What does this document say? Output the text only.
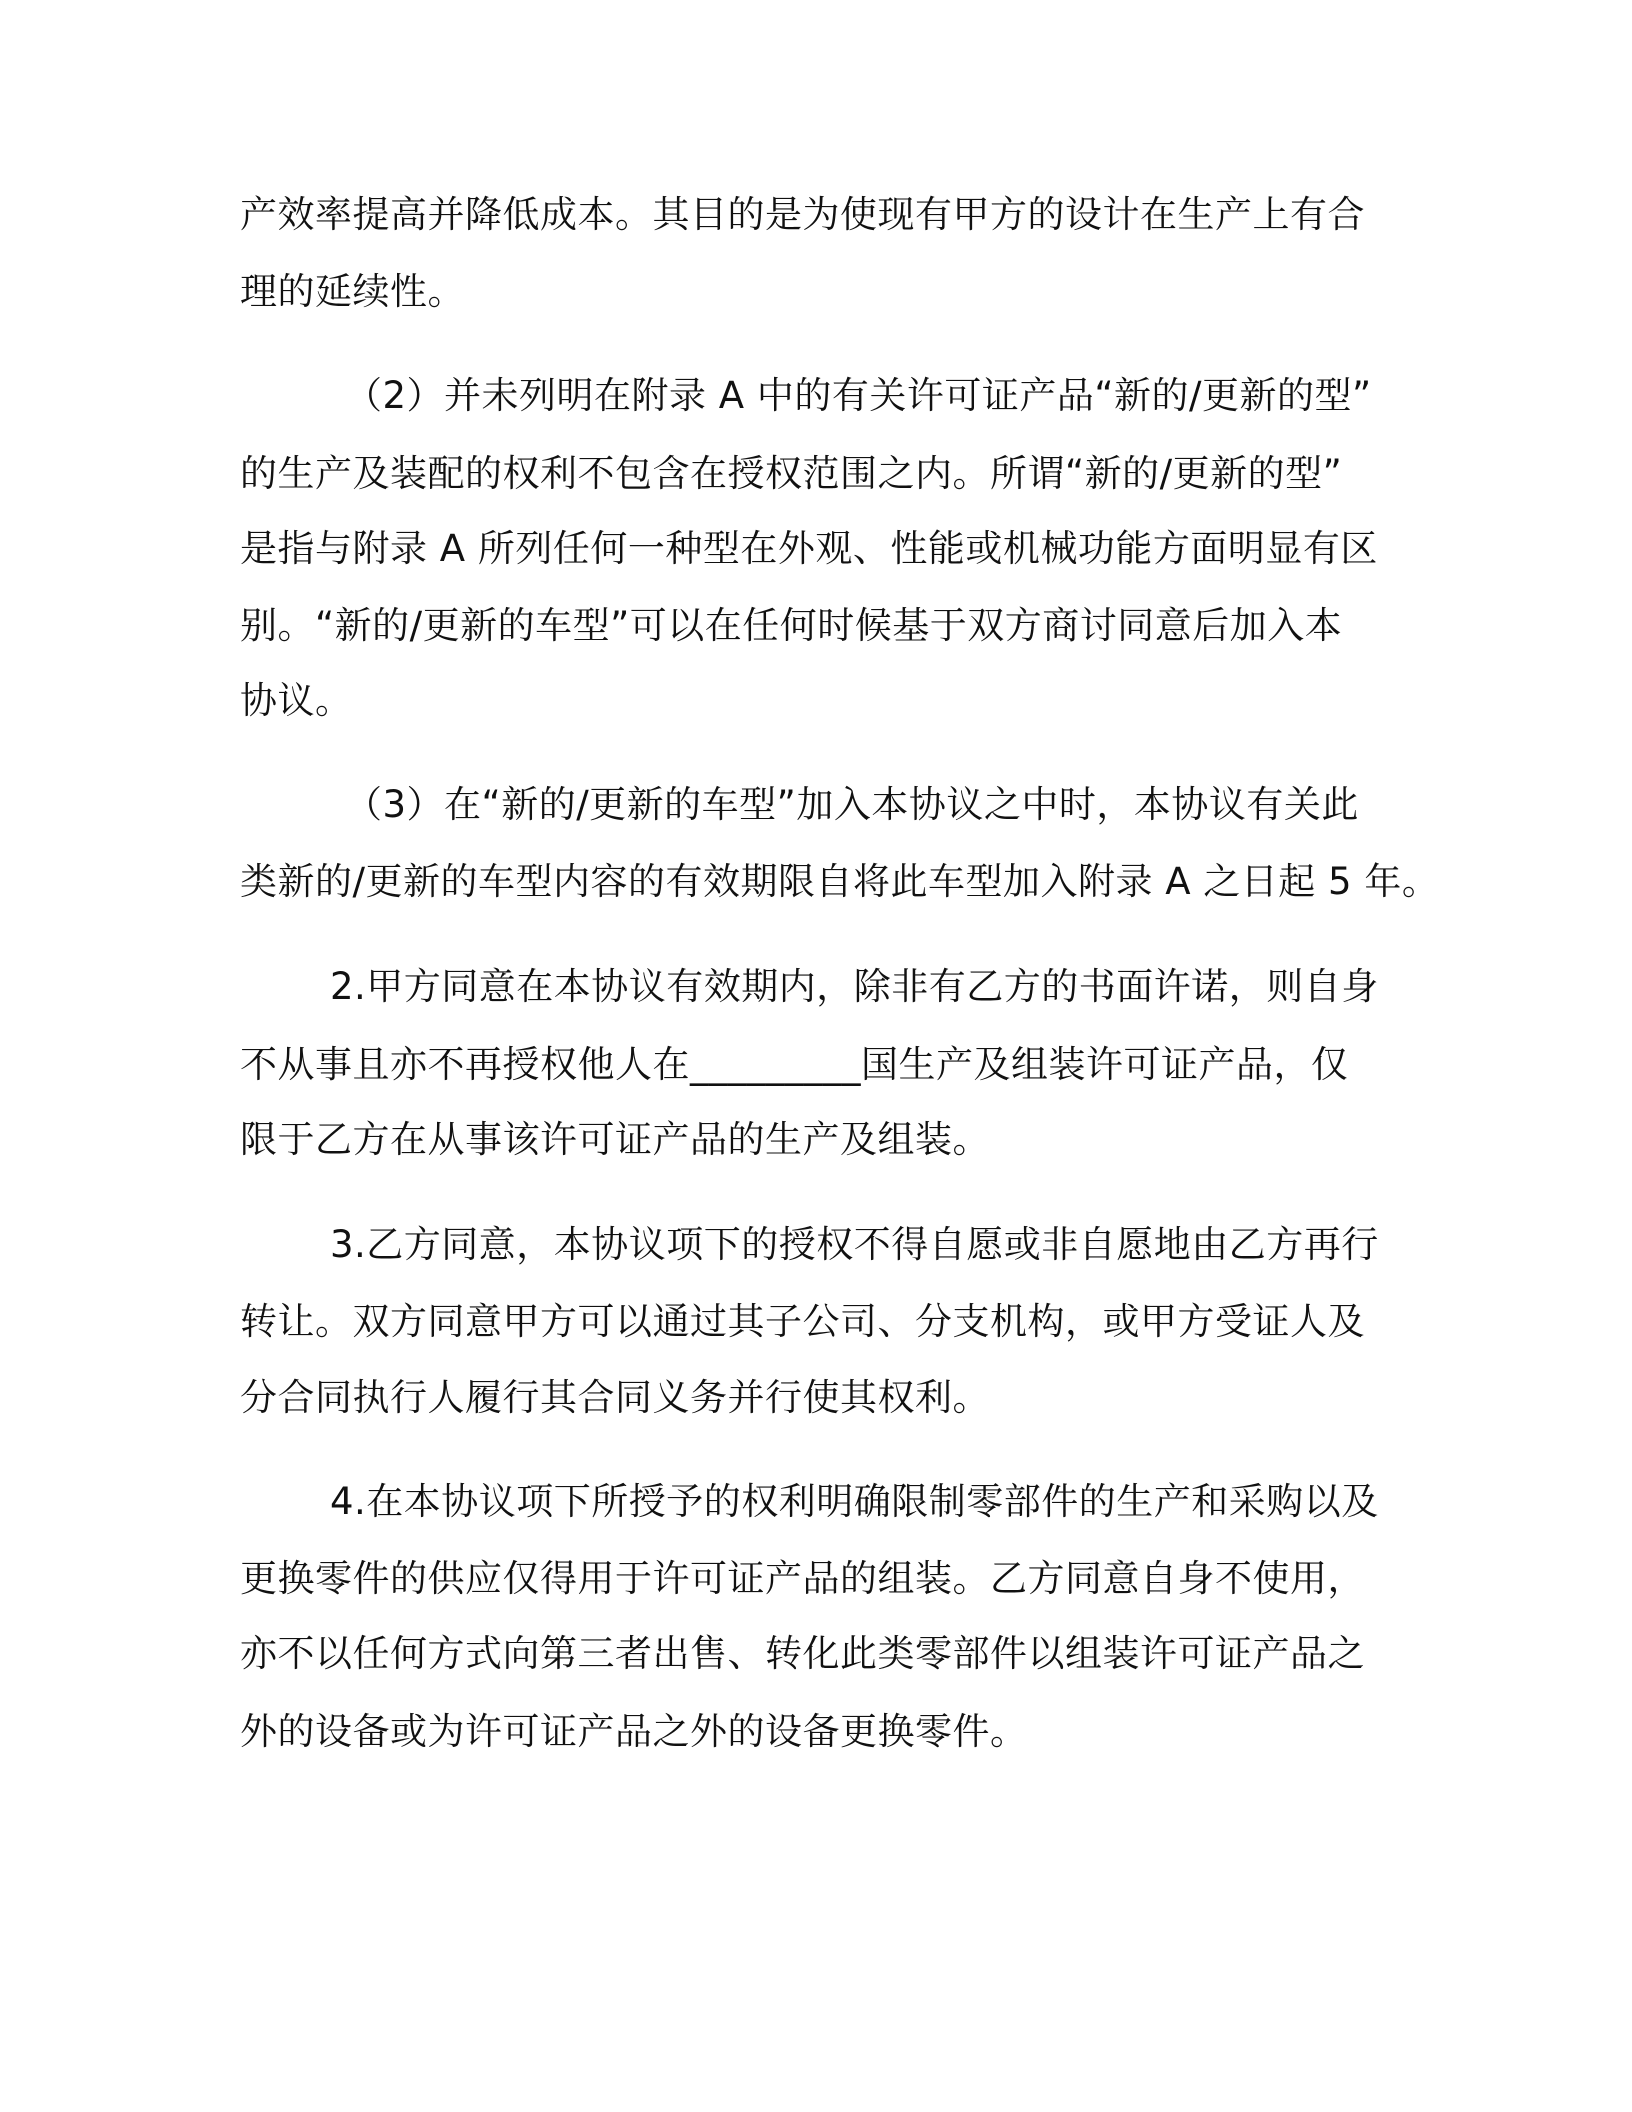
产效率提高并降低成本。其目的是为使现有甲方的设计在生产上有合
理的延续性。
（2）并未列明在附录 A 中的有关许可证产品“新的/更新的型”
的生产及装配的权利不包含在授权范围之内。所谓“新的/更新的型”
是指与附录 A 所列任何一种型在外观、性能或机械功能方面明显有区
别。“新的/更新的车型”可以在任何时候基于双方商讨同意后加入本
协议。
（3）在“新的/更新的车型”加入本协议之中时，本协议有关此
类新的/更新的车型内容的有效期限自将此车型加入附录 A 之日起 5 年。
2.甲方同意在本协议有效期内，除非有乙方的书面许诺，则自身
不从事且亦不再授权他人在_________国生产及组装许可证产品，仅
限于乙方在从事该许可证产品的生产及组装。
3.乙方同意，本协议项下的授权不得自愿或非自愿地由乙方再行
转让。双方同意甲方可以通过其子公司、分支机构，或甲方受证人及
分合同执行人履行其合同义务并行使其权利。
4.在本协议项下所授予的权利明确限制零部件的生产和采购以及
更换零件的供应仅得用于许可证产品的组装。乙方同意自身不使用，
亦不以任何方式向第三者出售、转化此类零部件以组装许可证产品之
外的设备或为许可证产品之外的设备更换零件。
